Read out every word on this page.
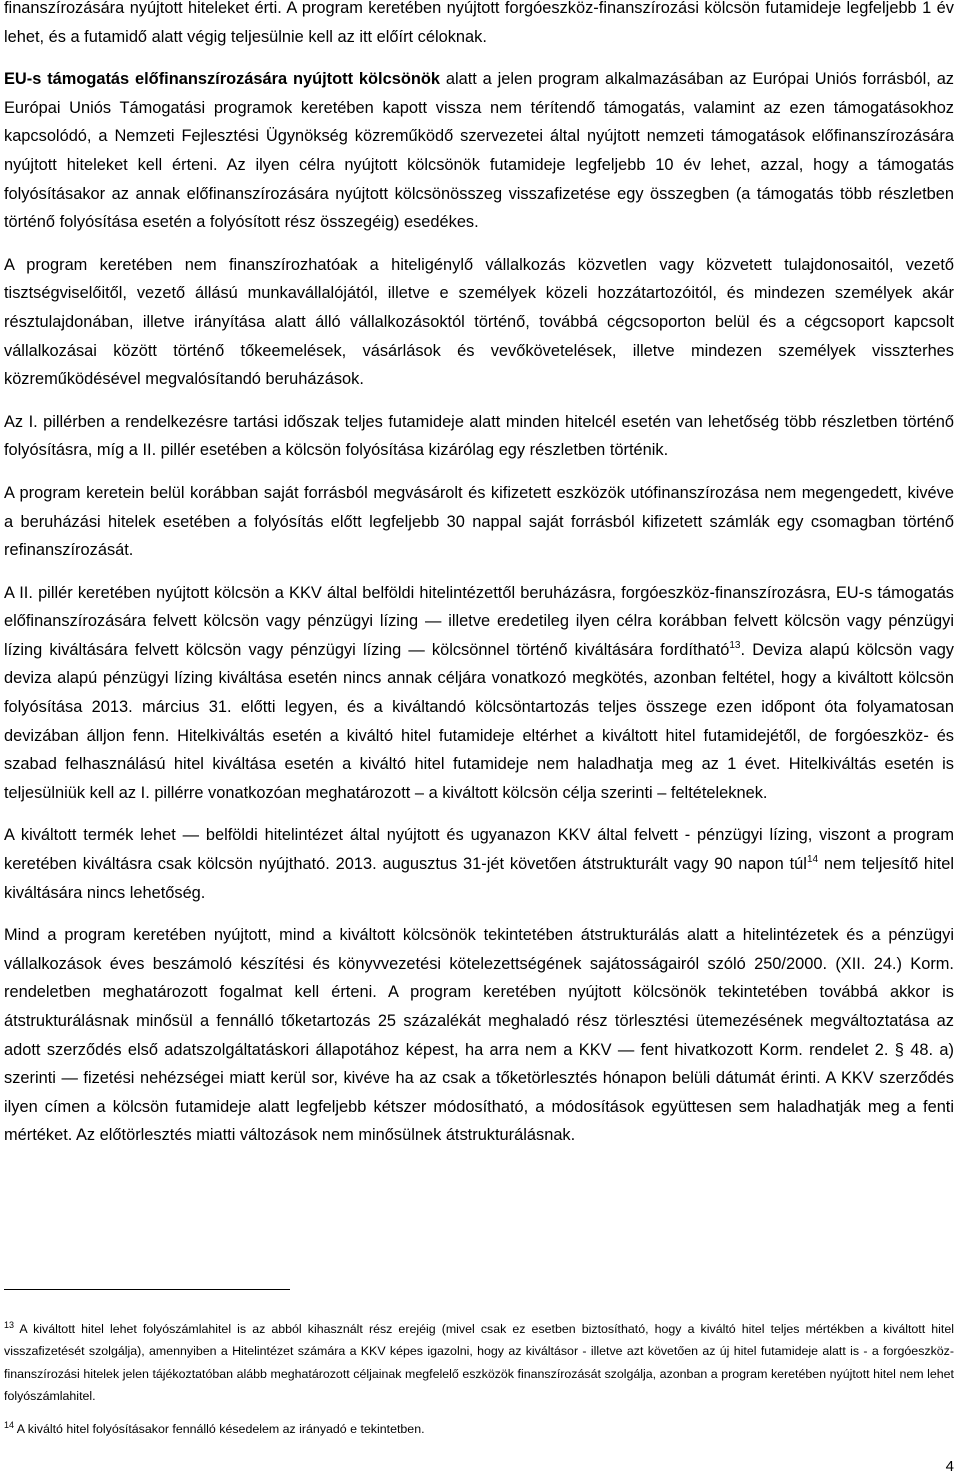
finanszírozására nyújtott hiteleket érti. A program keretében nyújtott forgóeszköz-finanszírozási kölcsön futamideje legfeljebb 1 év lehet, és a futamidő alatt végig teljesülnie kell az itt előírt céloknak.

EU-s támogatás előfinanszírozására nyújtott kölcsönök alatt a jelen program alkalmazásában az Európai Uniós forrásból, az Európai Uniós Támogatási programok keretében kapott vissza nem térítendő támogatás, valamint az ezen támogatásokhoz kapcsolódó, a Nemzeti Fejlesztési Ügynökség közreműködő szervezetei által nyújtott nemzeti támogatások előfinanszírozására nyújtott hiteleket kell érteni. Az ilyen célra nyújtott kölcsönök futamideje legfeljebb 10 év lehet, azzal, hogy a támogatás folyósításakor az annak előfinanszírozására nyújtott kölcsönösszeg visszafizetése egy összegben (a támogatás több részletben történő folyósítása esetén a folyósított rész összegéig) esedékes.

A program keretében nem finanszírozhatóak a hiteligénylő vállalkozás közvetlen vagy közvetett tulajdonosaitól, vezető tisztségviselőitől, vezető állású munkavállalójától, illetve e személyek közeli hozzátartozóitól, és mindezen személyek akár résztulajdonában, illetve irányítása alatt álló vállalkozásoktól történő, továbbá cégcsoporton belül és a cégcsoport kapcsolt vállalkozásai között történő tőkeemelések, vásárlások és vevőkövetelések, illetve mindezen személyek visszterhes közreműködésével megvalósítandó beruházások.

Az I. pillérben a rendelkezésre tartási időszak teljes futamideje alatt minden hitelcél esetén van lehetőség több részletben történő folyósításra, míg a II. pillér esetében a kölcsön folyósítása kizárólag egy részletben történik.

A program keretein belül korábban saját forrásból megvásárolt és kifizetett eszközök utófinanszírozása nem megengedett, kivéve a beruházási hitelek esetében a folyósítás előtt legfeljebb 30 nappal saját forrásból kifizetett számlák egy csomagban történő refinanszírozását.

A II. pillér keretében nyújtott kölcsön a KKV által belföldi hitelintézettől beruházásra, forgóeszköz-finanszírozásra, EU-s támogatás előfinanszírozására felvett kölcsön vagy pénzügyi lízing — illetve eredetileg ilyen célra korábban felvett kölcsön vagy pénzügyi lízing kiváltására felvett kölcsön vagy pénzügyi lízing — kölcsönnel történő kiváltására fordítható$^{13}$. Deviza alapú kölcsön vagy deviza alapú pénzügyi lízing kiváltása esetén nincs annak céljára vonatkozó megkötés, azonban feltétel, hogy a kiváltott kölcsön folyósítása 2013. március 31. előtti legyen, és a kiváltandó kölcsöntartozás teljes összege ezen időpont óta folyamatosan devizában álljon fenn. Hitelkiváltás esetén a kiváltó hitel futamideje eltérhet a kiváltott hitel futamidejétől, de forgóeszköz- és szabad felhasználású hitel kiváltása esetén a kiváltó hitel futamideje nem haladhatja meg az 1 évet. Hitelkiváltás esetén is teljesülniük kell az I. pillérre vonatkozóan meghatározott – a kiváltott kölcsön célja szerinti – feltételeknek.

A kiváltott termék lehet — belföldi hitelintézet által nyújtott és ugyanazon KKV által felvett - pénzügyi lízing, viszont a program keretében kiváltásra csak kölcsön nyújtható. 2013. augusztus 31-jét követően átstrukturált vagy 90 napon túl$^{14}$ nem teljesítő hitel kiváltására nincs lehetőség.

Mind a program keretében nyújtott, mind a kiváltott kölcsönök tekintetében átstrukturálás alatt a hitelintézetek és a pénzügyi vállalkozások éves beszámoló készítési és könyvvezetési kötelezettségének sajátosságairól szóló 250/2000. (XII. 24.) Korm. rendeletben meghatározott fogalmat kell érteni. A program keretében nyújtott kölcsönök tekintetében továbbá akkor is átstrukturálásnak minősül a fennálló tőketartozás 25 százalékát meghaladó rész törlesztési ütemezésének megváltoztatása az adott szerződés első adatszolgáltatáskori állapotához képest, ha arra nem a KKV — fent hivatkozott Korm. rendelet 2. § 48. a) szerinti — fizetési nehézségei miatt kerül sor, kivéve ha az csak a tőketörlesztés hónapon belüli dátumát érinti. A KKV szerződés ilyen címen a kölcsön futamideje alatt legfeljebb kétszer módosítható, a módosítások együttesen sem haladhatják meg a fenti mértéket. Az előtörlesztés miatti változások nem minősülnek átstrukturálásnak.

$^{13}$ A kiváltott hitel lehet folyószámlahitel is az abból kihasznált rész erejéig (mivel csak ez esetben biztosítható, hogy a kiváltó hitel teljes mértékben a kiváltott hitel visszafizetését szolgálja), amennyiben a Hitelintézet számára a KKV képes igazolni, hogy az kiváltásor - illetve azt követően az új hitel futamideje alatt is - a forgóeszköz-finanszírozási hitelek jelen tájékoztatóban alább meghatározott céljainak megfelelő eszközök finanszírozását szolgálja, azonban a program keretében nyújtott hitel nem lehet folyószámlahitel.

$^{14}$ A kiváltó hitel folyósításakor fennálló késedelem az irányadó e tekintetben.

4
